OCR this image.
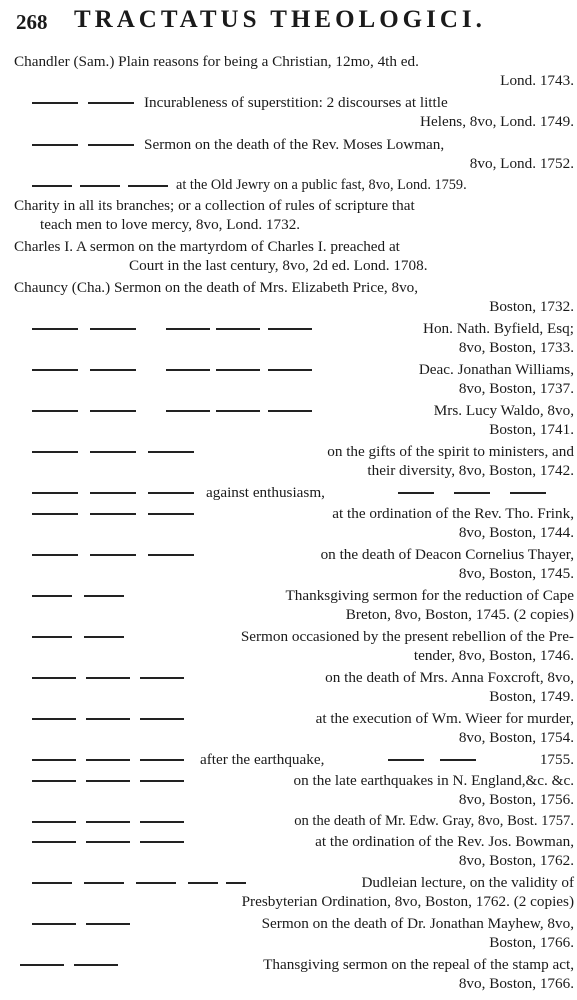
268 TRACTATUS THEOLOGICI.
Chandler (Sam.) Plain reasons for being a Christian, 12mo, 4th ed.
Lond. 1743.
Incurableness of superstition: 2 discourses at little
Helens, 8vo, Lond. 1749.
Sermon on the death of the Rev. Moses Lowman,
8vo, Lond. 1752.
at the Old Jewry on a public fast, 8vo, Lond. 1759.
Charity in all its branches; or a collection of rules of scripture that
teach men to love mercy, 8vo, Lond. 1732.
Charles I. A sermon on the martyrdom of Charles I. preached at
Court in the last century, 8vo, 2d ed. Lond. 1708.
Chauncy (Cha.) Sermon on the death of Mrs. Elizabeth Price, 8vo,
Boston, 1732.
Hon. Nath. Byfield, Esq;
8vo, Boston, 1733.
Deac. Jonathan Williams,
8vo, Boston, 1737.
Mrs. Lucy Waldo, 8vo,
Boston, 1741.
on the gifts of the spirit to ministers, and
their diversity, 8vo, Boston, 1742.
against enthusiasm,
at the ordination of the Rev. Tho. Frink,
8vo, Boston, 1744.
on the death of Deacon Cornelius Thayer,
8vo, Boston, 1745.
Thanksgiving sermon for the reduction of Cape
Breton, 8vo, Boston, 1745. (2 copies)
Sermon occasioned by the present rebellion of the Pre-
tender, 8vo, Boston, 1746.
on the death of Mrs. Anna Foxcroft, 8vo,
Boston, 1749.
at the execution of Wm. Wieer for murder,
8vo, Boston, 1754.
after the earthquake,	1755.
on the late earthquakes in N. England,&c. &c.
8vo, Boston, 1756.
on the death of Mr. Edw. Gray, 8vo, Bost. 1757.
at the ordination of the Rev. Jos. Bowman,
8vo, Boston, 1762.
Dudleian lecture, on the validity of
Presbyterian Ordination, 8vo, Boston, 1762. (2 copies)
Sermon on the death of Dr. Jonathan Mayhew, 8vo,
Boston, 1766.
Thansgiving sermon on the repeal of the stamp act,
8vo, Boston, 1766.
